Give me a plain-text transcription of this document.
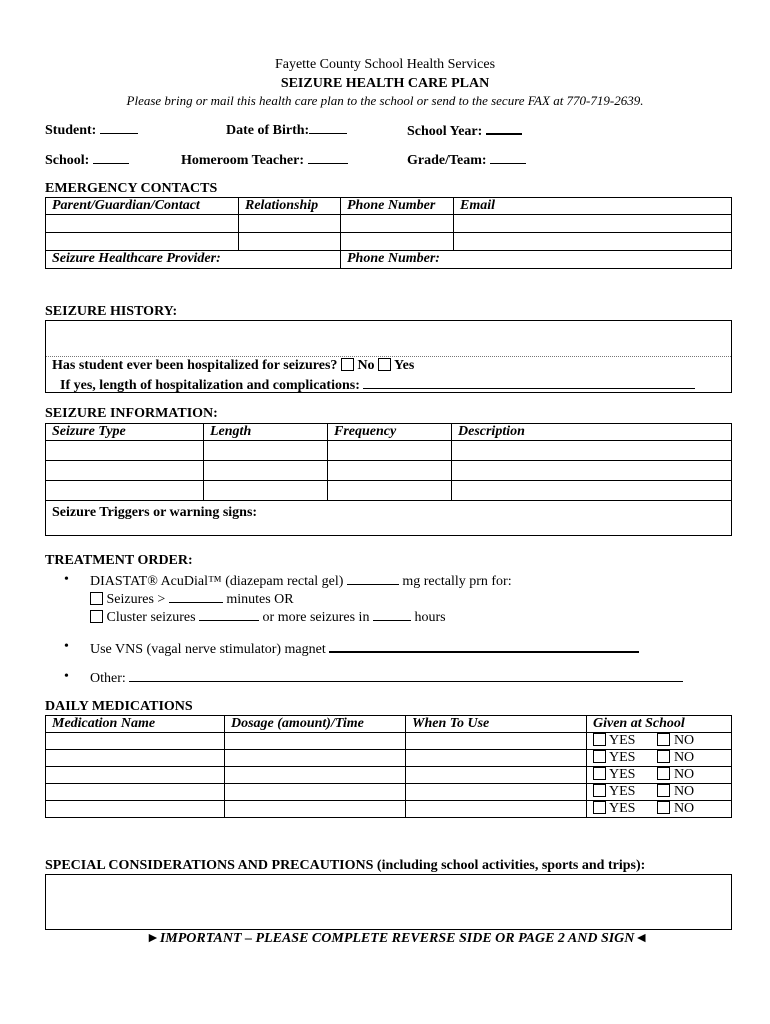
Fayette County School Health Services
SEIZURE HEALTH CARE PLAN
Please bring or mail this health care plan to the school or send to the secure FAX at 770-719-2639.
Student:	Date of Birth:	School Year:
School:	Homeroom Teacher:	Grade/Team:
EMERGENCY CONTACTS
Parent/Guardian/Contact	Relationship	Phone Number	Email

Seizure Healthcare Provider:		Phone Number:	
SEIZURE HISTORY:
Has student ever been hospitalized for seizures? No Yes
If yes, length of hospitalization and complications:
SEIZURE INFORMATION:
Seizure Type	Length	Frequency	Description

Seizure Triggers or warning signs:			
TREATMENT ORDER:
• DIASTAT® AcuDial™ (diazepam rectal gel)	mg rectally prn for:
Seizures >	minutes OR
Cluster seizures	or more seizures in	hours
• Use VNS (vagal nerve stimulator) magnet
• Other:
DAILY MEDICATIONS
Medication Name	Dosage (amount)/Time	When To Use	Given at School
			YES NO
			YES NO
			YES NO
			YES NO
			YES NO
SPECIAL CONSIDERATIONS AND PRECAUTIONS (including school activities, sports and trips):
►IMPORTANT – PLEASE COMPLETE REVERSE SIDE OR PAGE 2 AND SIGN◄
